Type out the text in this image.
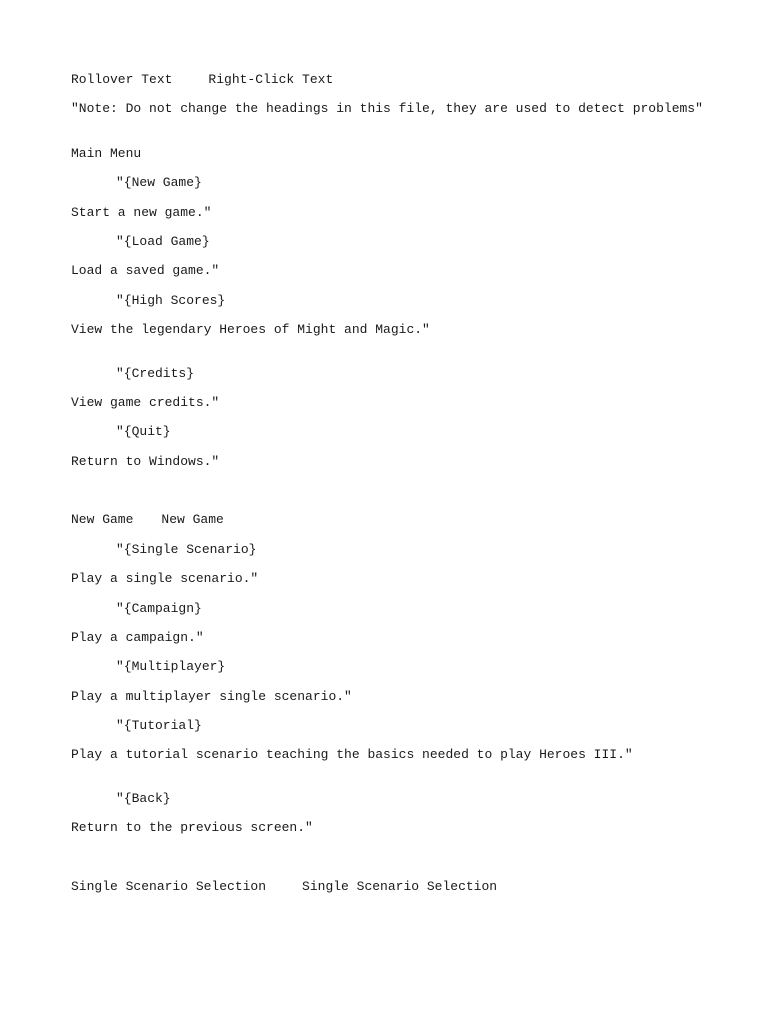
Rollover Text	Right-Click Text
"Note: Do not change the headings in this file, they are used to detect problems"
Main Menu
"{New Game}
Start a new game."
"{Load Game}
Load a saved game."
"{High Scores}
View the legendary Heroes of Might and Magic."
"{Credits}
View game credits."
"{Quit}
Return to Windows."
New Game New Game
"{Single Scenario}
Play a single scenario."
"{Campaign}
Play a campaign."
"{Multiplayer}
Play a multiplayer single scenario."
"{Tutorial}
Play a tutorial scenario teaching the basics needed to play Heroes III."
"{Back}
Return to the previous screen."
Single Scenario Selection	Single Scenario Selection
